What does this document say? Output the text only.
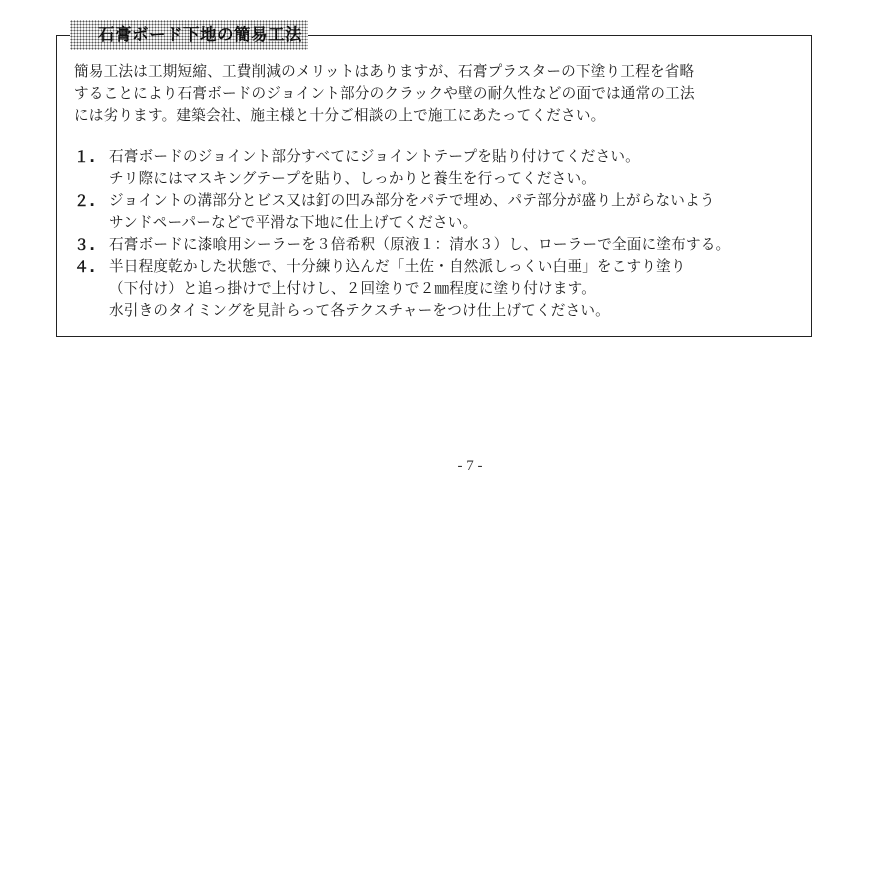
石膏ボード下地の簡易工法

簡易工法は工期短縮、工費削減のメリットはありますが、石膏プラスターの下塗り工程を省略
することにより石膏ボードのジョイント部分のクラックや壁の耐久性などの面では通常の工法
には劣ります。建築会社、施主様と十分ご相談の上で施工にあたってください。

１. 石膏ボードのジョイント部分すべてにジョイントテープを貼り付けてください。
チリ際にはマスキングテープを貼り、しっかりと養生を行ってください。
２. ジョイントの溝部分とビス又は釘の凹み部分をパテで埋め、パテ部分が盛り上がらないよう
サンドペーパーなどで平滑な下地に仕上げてください。
３. 石膏ボードに漆喰用シーラーを３倍希釈（原液１：清水３）し、ローラーで全面に塗布する。
４. 半日程度乾かした状態で、十分練り込んだ「土佐・自然派しっくい白亜」をこすり塗り
（下付け）と追っ掛けで上付けし、２回塗りで２㎜程度に塗り付けます。
水引きのタイミングを見計らって各テクスチャーをつけ仕上げてください。
- 7 -
